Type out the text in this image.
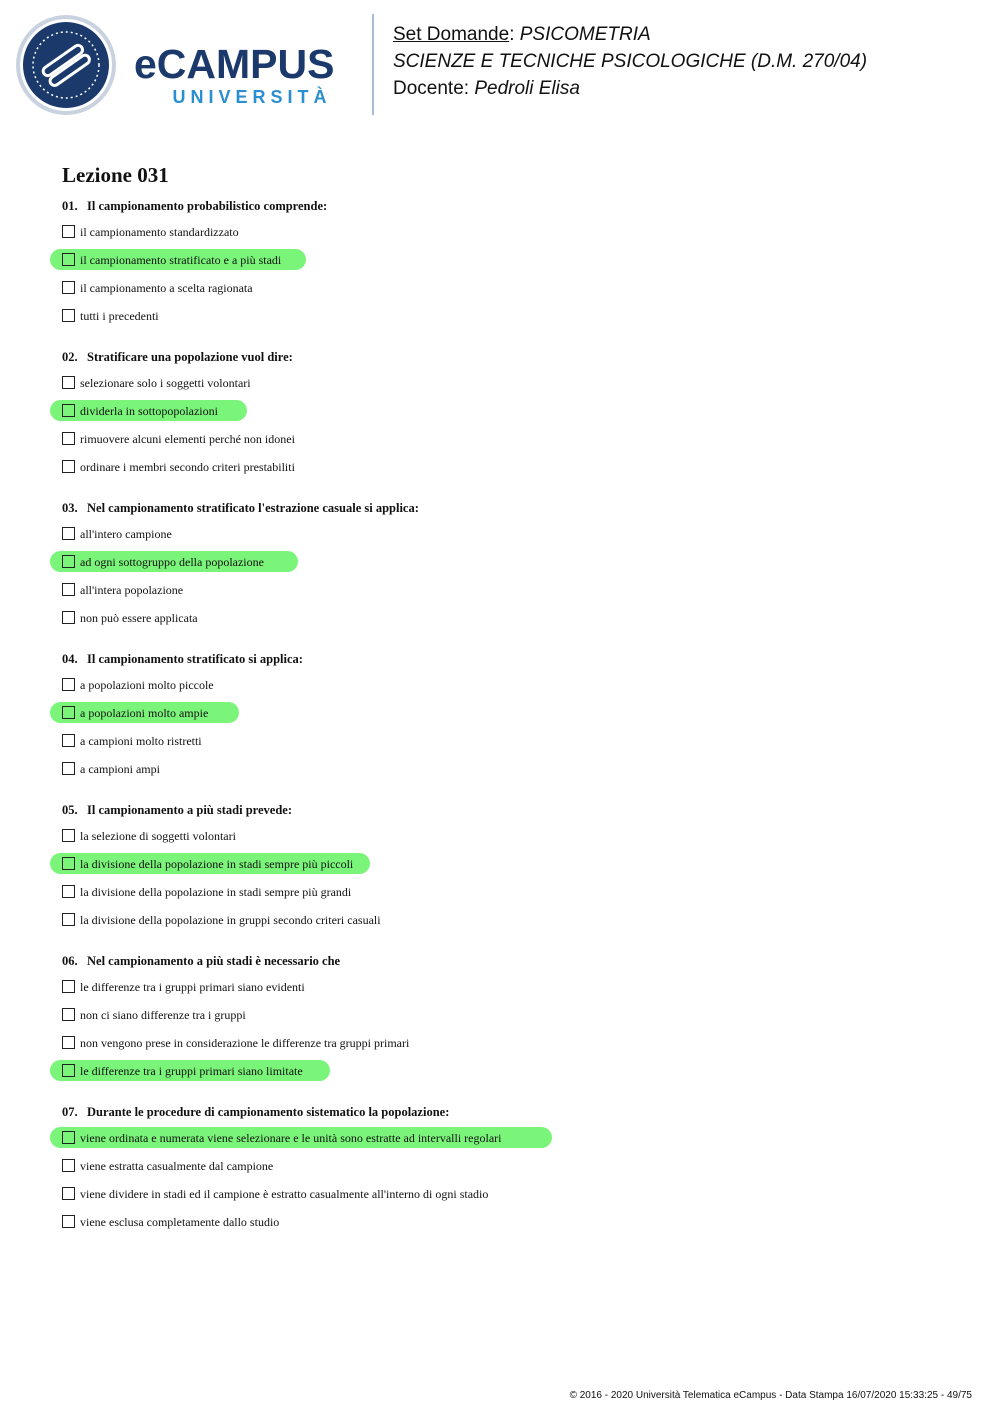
eCAMPUS
UNIVERSITÀ
Set Domande: PSICOMETRIA
SCIENZE E TECNICHE PSICOLOGICHE (D.M. 270/04)
Docente: Pedroli Elisa
Lezione 031
01. Il campionamento probabilistico comprende:
il campionamento standardizzato
il campionamento stratificato e a più stadi
il campionamento a scelta ragionata
tutti i precedenti
02. Stratificare una popolazione vuol dire:
selezionare solo i soggetti volontari
dividerla in sottopopolazioni
rimuovere alcuni elementi perché non idonei
ordinare i membri secondo criteri prestabiliti
03. Nel campionamento stratificato l'estrazione casuale si applica:
all'intero campione
ad ogni sottogruppo della popolazione
all'intera popolazione
non può essere applicata
04. Il campionamento stratificato si applica:
a popolazioni molto piccole
a popolazioni molto ampie
a campioni molto ristretti
a campioni ampi
05. Il campionamento a più stadi prevede:
la selezione di soggetti volontari
la divisione della popolazione in stadi sempre più piccoli
la divisione della popolazione in stadi sempre più grandi
la divisione della popolazione in gruppi secondo criteri casuali
06. Nel campionamento a più stadi è necessario che
le differenze tra i gruppi primari siano evidenti
non ci siano differenze tra i gruppi
non vengono prese in considerazione le differenze tra gruppi primari
le differenze tra i gruppi primari siano limitate
07. Durante le procedure di campionamento sistematico la popolazione:
viene ordinata e numerata viene selezionare e le unità sono estratte ad intervalli regolari
viene estratta casualmente dal campione
viene dividere in stadi ed il campione è estratto casualmente all'interno di ogni stadio
viene esclusa completamente dallo studio
© 2016 - 2020 Università Telematica eCampus - Data Stampa 16/07/2020 15:33:25 - 49/75
